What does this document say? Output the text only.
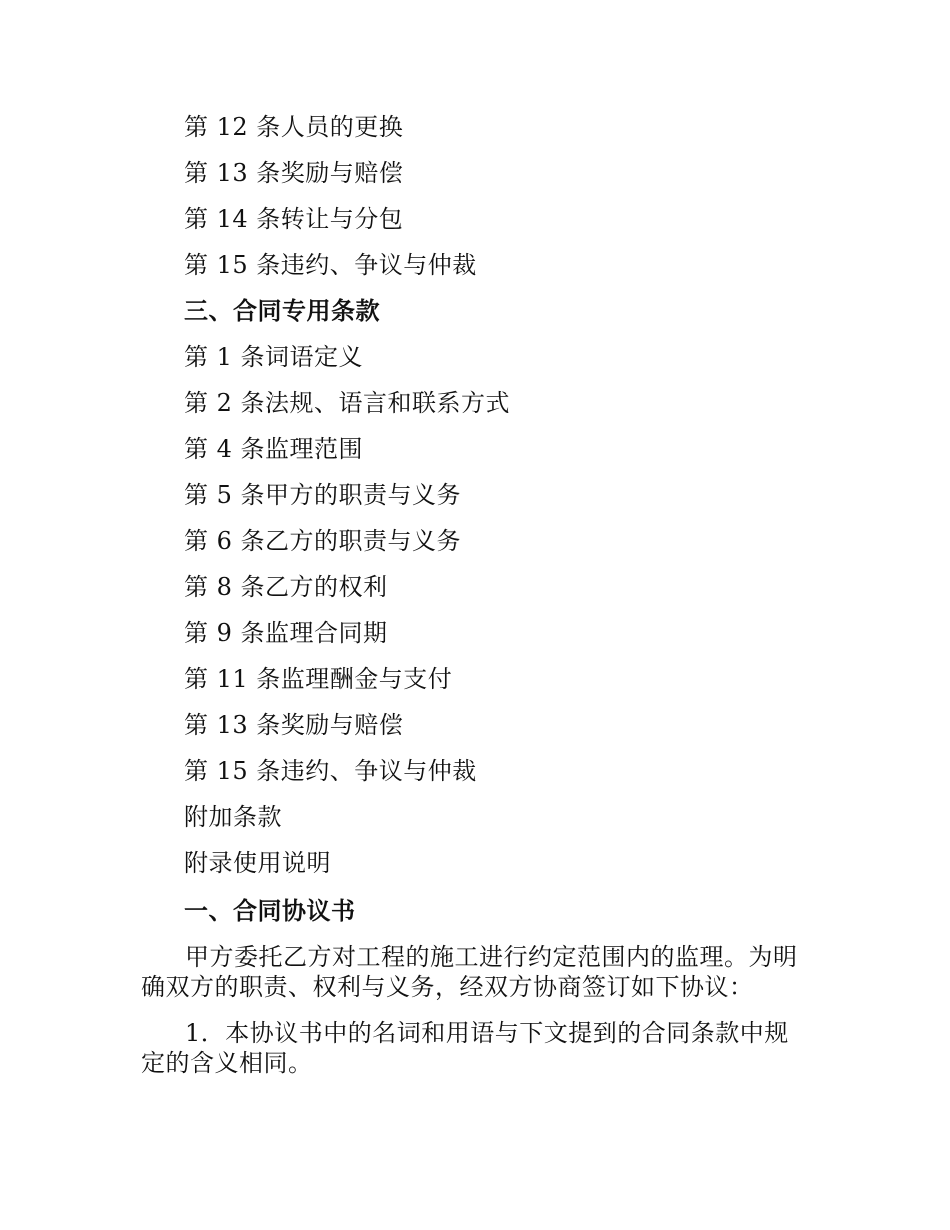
第 12 条人员的更换
第 13 条奖励与赔偿
第 14 条转让与分包
第 15 条违约、争议与仲裁
三、合同专用条款
第 1 条词语定义
第 2 条法规、语言和联系方式
第 4 条监理范围
第 5 条甲方的职责与义务
第 6 条乙方的职责与义务
第 8 条乙方的权利
第 9 条监理合同期
第 11 条监理酬金与支付
第 13 条奖励与赔偿
第 15 条违约、争议与仲裁
附加条款
附录使用说明
一、合同协议书
甲方委托乙方对工程的施工进行约定范围内的监理。为明确双方的职责、权利与义务，经双方协商签订如下协议：
1．本协议书中的名词和用语与下文提到的合同条款中规定的含义相同。
